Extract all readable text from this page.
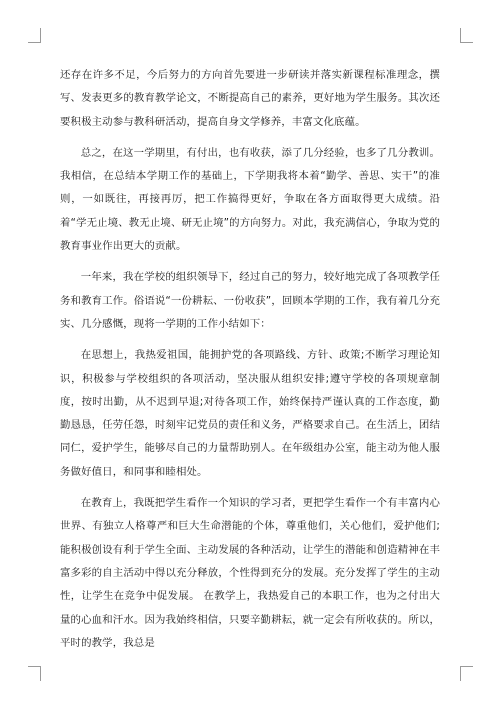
还存在许多不足，今后努力的方向首先要进一步研读并落实新课程标准理念，撰写、发表更多的教育教学论文，不断提高自己的素养，更好地为学生服务。其次还要积极主动参与教科研活动，提高自身文学修养，丰富文化底蕴。

总之，在这一学期里，有付出，也有收获，添了几分经验，也多了几分教训。我相信，在总结本学期工作的基础上，下学期我将本着“勤学、善思、实干”的准则，一如既往，再接再厉，把工作搞得更好，争取在各方面取得更大成绩。沿着“学无止境、教无止境、研无止境”的方向努力。对此，我充满信心，争取为党的教育事业作出更大的贡献。

一年来，我在学校的组织领导下，经过自己的努力，较好地完成了各项教学任务和教育工作。俗语说“一份耕耘、一份收获”，回顾本学期的工作，我有着几分充实、几分感慨，现将一学期的工作小结如下：

在思想上，我热爱祖国，能拥护党的各项路线、方针、政策;不断学习理论知识，积极参与学校组织的各项活动，坚决服从组织安排;遵守学校的各项规章制度，按时出勤，从不迟到早退;对待各项工作，始终保持严谨认真的工作态度，勤勤恳恳，任劳任怨，时刻牢记党员的责任和义务，严格要求自己。在生活上，团结同仁，爱护学生，能够尽自己的力量帮助别人。在年级组办公室，能主动为他人服务做好值日，和同事和睦相处。

在教育上，我既把学生看作一个知识的学习者，更把学生看作一个有丰富内心世界、有独立人格尊严和巨大生命潜能的个体，尊重他们，关心他们，爱护他们;能积极创设有利于学生全面、主动发展的各种活动，让学生的潜能和创造精神在丰富多彩的自主活动中得以充分释放，个性得到充分的发展。充分发挥了学生的主动性，让学生在竞争中促发展。 在教学上，我热爱自己的本职工作，也为之付出大量的心血和汗水。因为我始终相信，只要辛勤耕耘，就一定会有所收获的。所以，平时的教学，我总是
